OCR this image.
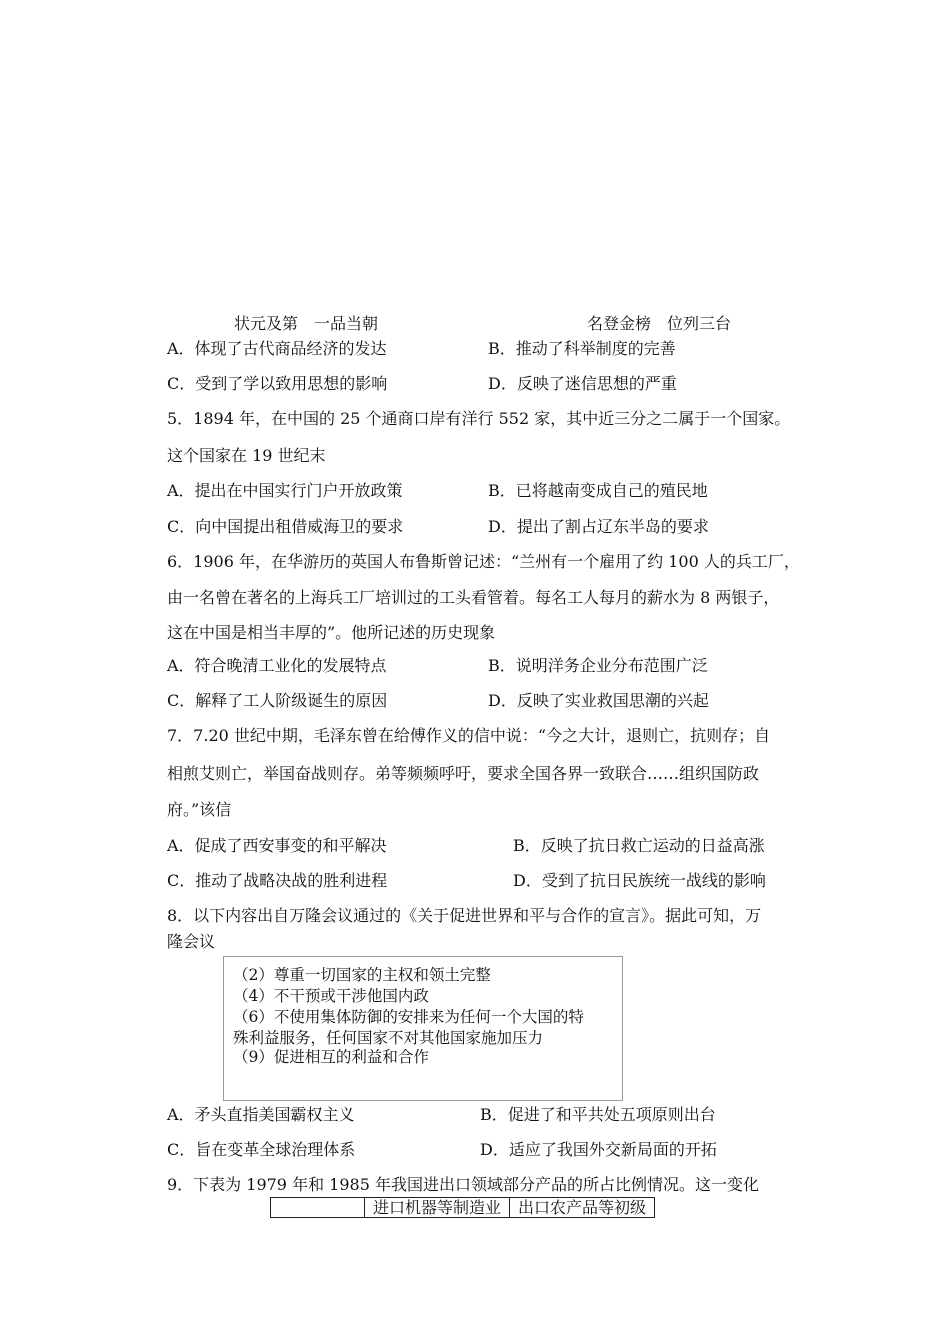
状元及第　一品当朝	名登金榜　位列三台
A．体现了古代商品经济的发达	B．推动了科举制度的完善
C．受到了学以致用思想的影响	D．反映了迷信思想的严重
5．1894 年，在中国的 25 个通商口岸有洋行 552 家，其中近三分之二属于一个国家。
这个国家在 19 世纪末
A．提出在中国实行门户开放政策	B．已将越南变成自己的殖民地
C．向中国提出租借威海卫的要求	D．提出了割占辽东半岛的要求
6．1906 年，在华游历的英国人布鲁斯曾记述：“兰州有一个雇用了约 100 人的兵工厂，
由一名曾在著名的上海兵工厂培训过的工头看管着。每名工人每月的薪水为 8 两银子，
这在中国是相当丰厚的”。他所记述的历史现象
A．符合晚清工业化的发展特点	B．说明洋务企业分布范围广泛
C．解释了工人阶级诞生的原因	D．反映了实业救国思潮的兴起
7．7.20 世纪中期，毛泽东曾在给傅作义的信中说：“今之大计，退则亡，抗则存；自
相煎艾则亡，举国奋战则存。弟等频频呼吁，要求全国各界一致联合……组织国防政
府。”该信
A．促成了西安事变的和平解决	B．反映了抗日救亡运动的日益高涨
C．推动了战略决战的胜利进程	D．受到了抗日民族统一战线的影响
8．以下内容出自万隆会议通过的《关于促进世界和平与合作的宣言》。据此可知，万
隆会议
（2）尊重一切国家的主权和领土完整
（4）不干预或干涉他国内政
（6）不使用集体防御的安排来为任何一个大国的特
殊利益服务，任何国家不对其他国家施加压力
（9）促进相互的利益和合作
A．矛头直指美国霸权主义	B．促进了和平共处五项原则出台
C．旨在变革全球治理体系	D．适应了我国外交新局面的开拓
9．下表为 1979 年和 1985 年我国进出口领域部分产品的所占比例情况。这一变化
	进口机器等制造业	出口农产品等初级
